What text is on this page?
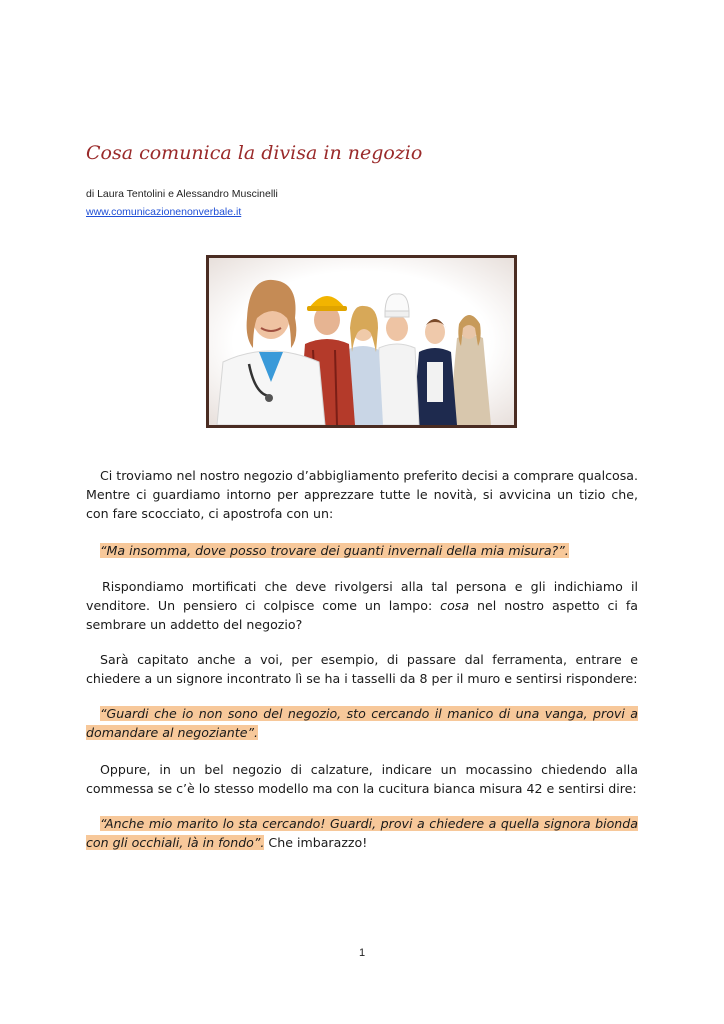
Cosa comunica la divisa in negozio
di Laura Tentolini e Alessandro Muscinelli
www.comunicazionenonverbale.it

Ci troviamo nel nostro negozio d’abbigliamento preferito decisi a comprare qualcosa. Mentre ci guardiamo intorno per apprezzare tutte le novità, si avvicina un tizio che, con fare scocciato, ci apostrofa con un:

“Ma insomma, dove posso trovare dei guanti invernali della mia misura?”.

Rispondiamo mortificati che deve rivolgersi alla tal persona e gli indichiamo il venditore. Un pensiero ci colpisce come un lampo: cosa nel nostro aspetto ci fa sembrare un addetto del negozio?

Sarà capitato anche a voi, per esempio, di passare dal ferramenta, entrare e chiedere a un signore incontrato lì se ha i tasselli da 8 per il muro e sentirsi rispondere:

“Guardi che io non sono del negozio, sto cercando il manico di una vanga, provi a domandare al negoziante”.

Oppure, in un bel negozio di calzature, indicare un mocassino chiedendo alla commessa se c’è lo stesso modello ma con la cucitura bianca misura 42 e sentirsi dire:

“Anche mio marito lo sta cercando! Guardi, provi a chiedere a quella signora bionda con gli occhiali, là in fondo”. Che imbarazzo!

1
